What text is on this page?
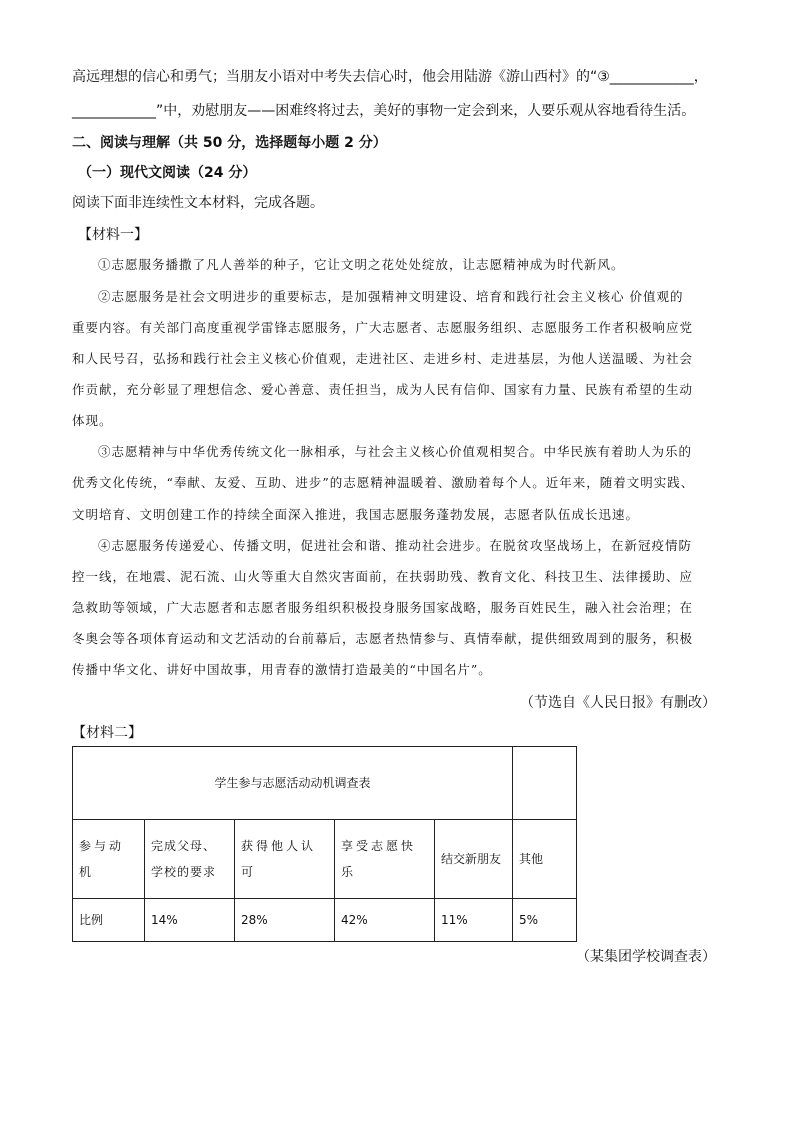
高远理想的信心和勇气；当朋友小语对中考失去信心时，他会用陆游《游山西村》的“③____________，
____________”中，劝慰朋友——困难终将过去，美好的事物一定会到来，人要乐观从容地看待生活。
二、阅读与理解（共 50 分，选择题每小题 2 分）
（一）现代文阅读（24 分）
阅读下面非连续性文本材料，完成各题。
【材料一】
①志愿服务播撒了凡人善举的种子，它让文明之花处处绽放，让志愿精神成为时代新风。
②志愿服务是社会文明进步的重要标志，是加强精神文明建设、培育和践行社会主义核心 价值观的
重要内容。有关部门高度重视学雷锋志愿服务，广大志愿者、志愿服务组织、志愿服务工作者积极响应党
和人民号召，弘扬和践行社会主义核心价值观，走进社区、走进乡村、走进基层，为他人送温暖、为社会
作贡献，充分彰显了理想信念、爱心善意、责任担当，成为人民有信仰、国家有力量、民族有希望的生动
体现。
③志愿精神与中华优秀传统文化一脉相承，与社会主义核心价值观相契合。中华民族有着助人为乐的
优秀文化传统，“奉献、友爱、互助、进步”的志愿精神温暖着、激励着每个人。近年来，随着文明实践、
文明培育、文明创建工作的持续全面深入推进，我国志愿服务蓬勃发展，志愿者队伍成长迅速。
④志愿服务传递爱心、传播文明，促进社会和谐、推动社会进步。在脱贫攻坚战场上，在新冠疫情防
控一线，在地震、泥石流、山火等重大自然灾害面前，在扶弱助残、教育文化、科技卫生、法律援助、应
急救助等领域，广大志愿者和志愿者服务组织积极投身服务国家战略，服务百姓民生，融入社会治理；在
冬奥会等各项体育运动和文艺活动的台前幕后，志愿者热情参与、真情奉献，提供细致周到的服务，积极
传播中华文化、讲好中国故事，用青春的激情打造最美的“中国名片”。
（节选自《人民日报》有删改）
【材料二】
学生参与志愿活动动机调查表					
参与动机	完成父母、学校的要求	获得他人认可	享受志愿快乐	结交新朋友	其他
比例	14%	28%	42%	11%	5%
（某集团学校调查表）
